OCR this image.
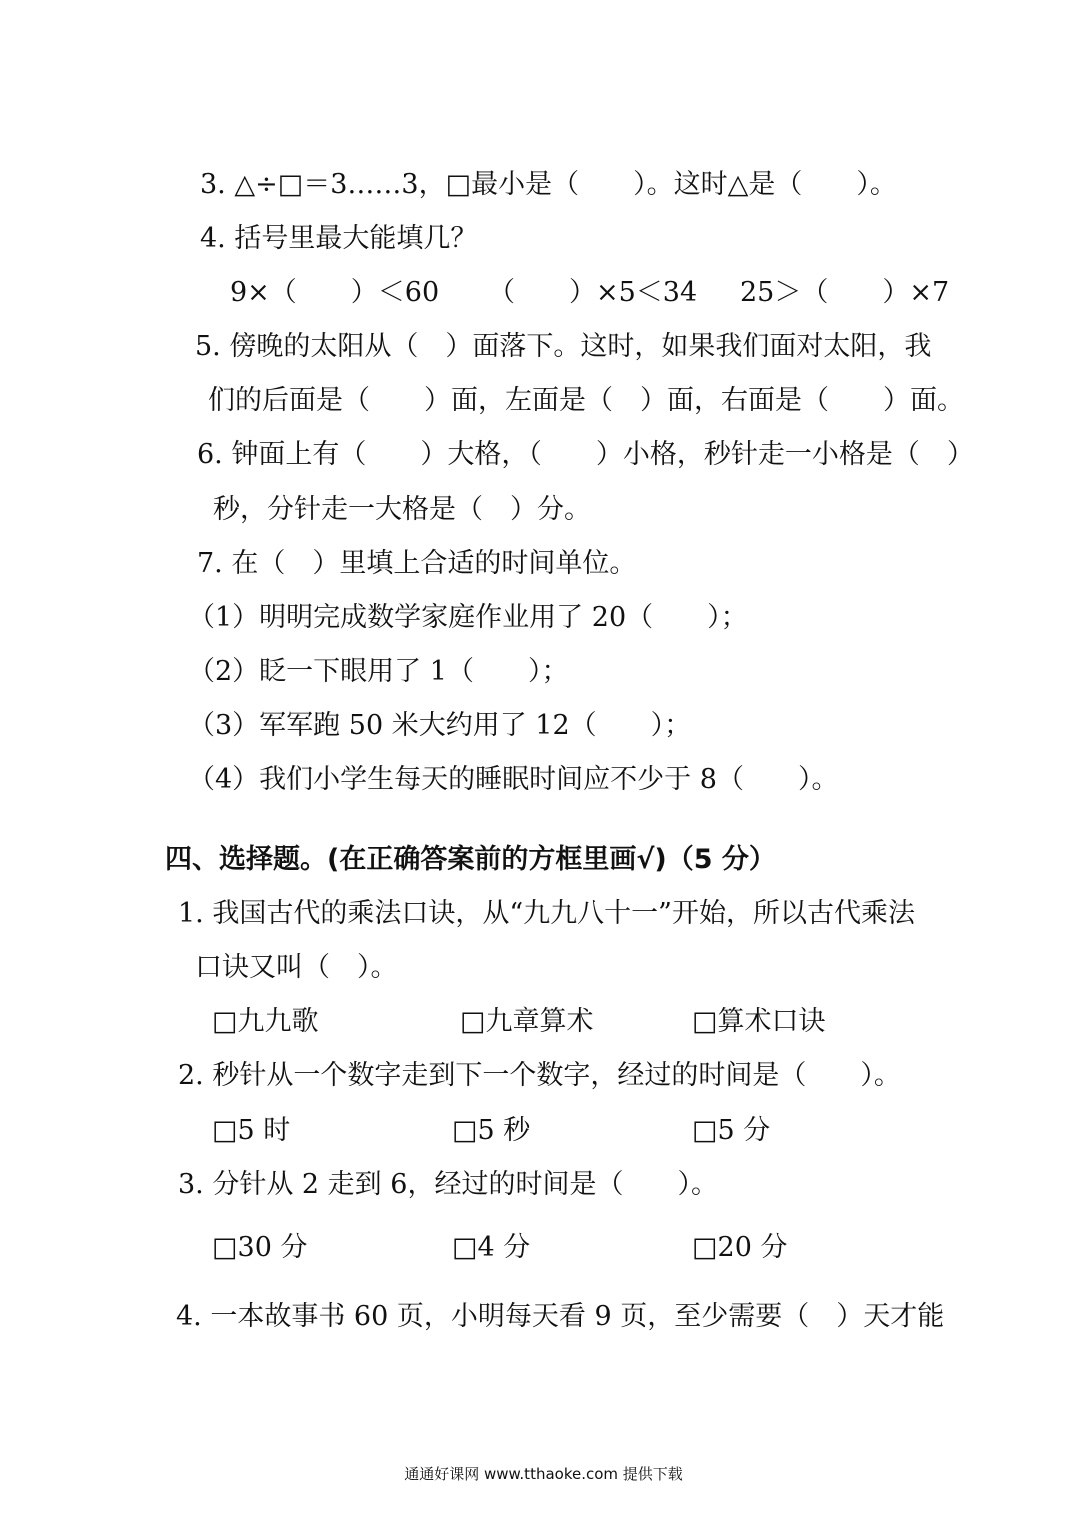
3. △÷□＝3……3，□最小是（　　）。这时△是（　　）。
4. 括号里最大能填几？
9×（　　）＜60 （　　）×5＜34 25＞（　　）×7
5. 傍晚的太阳从（　）面落下。这时，如果我们面对太阳，我
们的后面是（　　）面，左面是（　）面，右面是（　　）面。
6. 钟面上有（　　）大格，（　　）小格，秒针走一小格是（　）
秒，分针走一大格是（　）分。
7. 在（　）里填上合适的时间单位。
（1）明明完成数学家庭作业用了 20（　　）；
（2）眨一下眼用了 1（　　）；
（3）军军跑 50 米大约用了 12（　　）；
（4）我们小学生每天的睡眠时间应不少于 8（　　）。
四、选择题。(在正确答案前的方框里画√)（5 分）
1. 我国古代的乘法口诀，从“九九八十一”开始，所以古代乘法
口诀又叫（　）。
□九九歌	□九章算术	□算术口诀
2. 秒针从一个数字走到下一个数字，经过的时间是（　　）。
□5 时	□5 秒	□5 分
3. 分针从 2 走到 6，经过的时间是（　　）。
□30 分	□4 分	□20 分
4. 一本故事书 60 页，小明每天看 9 页，至少需要（　）天才能
通通好课网 www.tthaoke.com 提供下载
